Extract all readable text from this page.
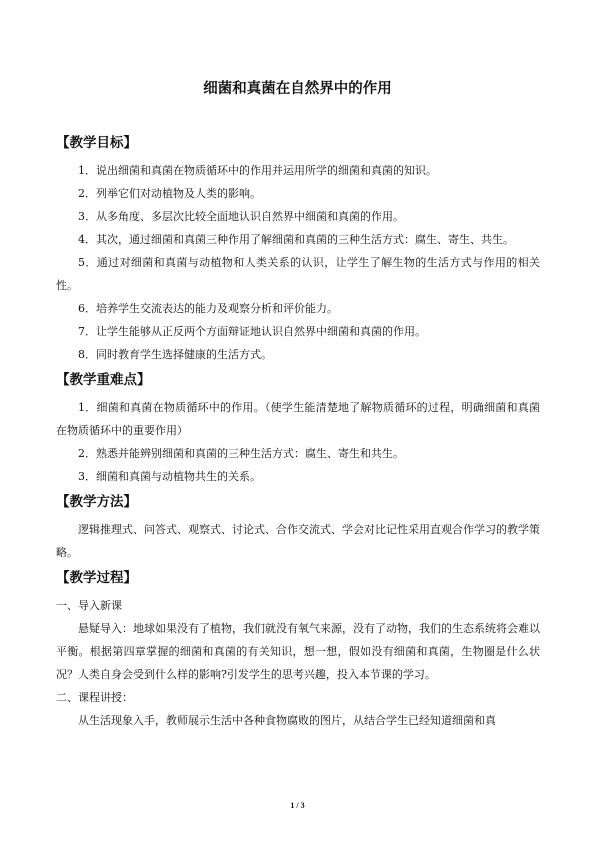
细菌和真菌在自然界中的作用
【教学目标】

1．说出细菌和真菌在物质循环中的作用并运用所学的细菌和真菌的知识。

2．列举它们对动植物及人类的影响。

3．从多角度、多层次比较全面地认识自然界中细菌和真菌的作用。

4．其次，通过细菌和真菌三种作用了解细菌和真菌的三种生活方式：腐生、寄生、共生。

5．通过对细菌和真菌与动植物和人类关系的认识，让学生了解生物的生活方式与作用的相关性。

6．培养学生交流表达的能力及观察分析和评价能力。

7．让学生能够从正反两个方面辩证地认识自然界中细菌和真菌的作用。

8．同时教育学生选择健康的生活方式。

【教学重难点】

1．细菌和真菌在物质循环中的作用。（使学生能清楚地了解物质循环的过程，明确细菌和真菌在物质循环中的重要作用）

2．熟悉并能辨别细菌和真菌的三种生活方式：腐生、寄生和共生。

3．细菌和真菌与动植物共生的关系。

【教学方法】

逻辑推理式、问答式、观察式、讨论式、合作交流式、学会对比记性采用直观合作学习的教学策略。

【教学过程】

一、导入新课

悬疑导入：地球如果没有了植物，我们就没有氧气来源，没有了动物，我们的生态系统将会难以平衡。根据第四章掌握的细菌和真菌的有关知识，想一想，假如没有细菌和真菌，生物圈是什么状况？人类自身会受到什么样的影响?引发学生的思考兴趣，投入本节课的学习。

二、课程讲授：

从生活现象入手，教师展示生活中各种食物腐败的图片，从结合学生已经知道细菌和真

1 / 3
